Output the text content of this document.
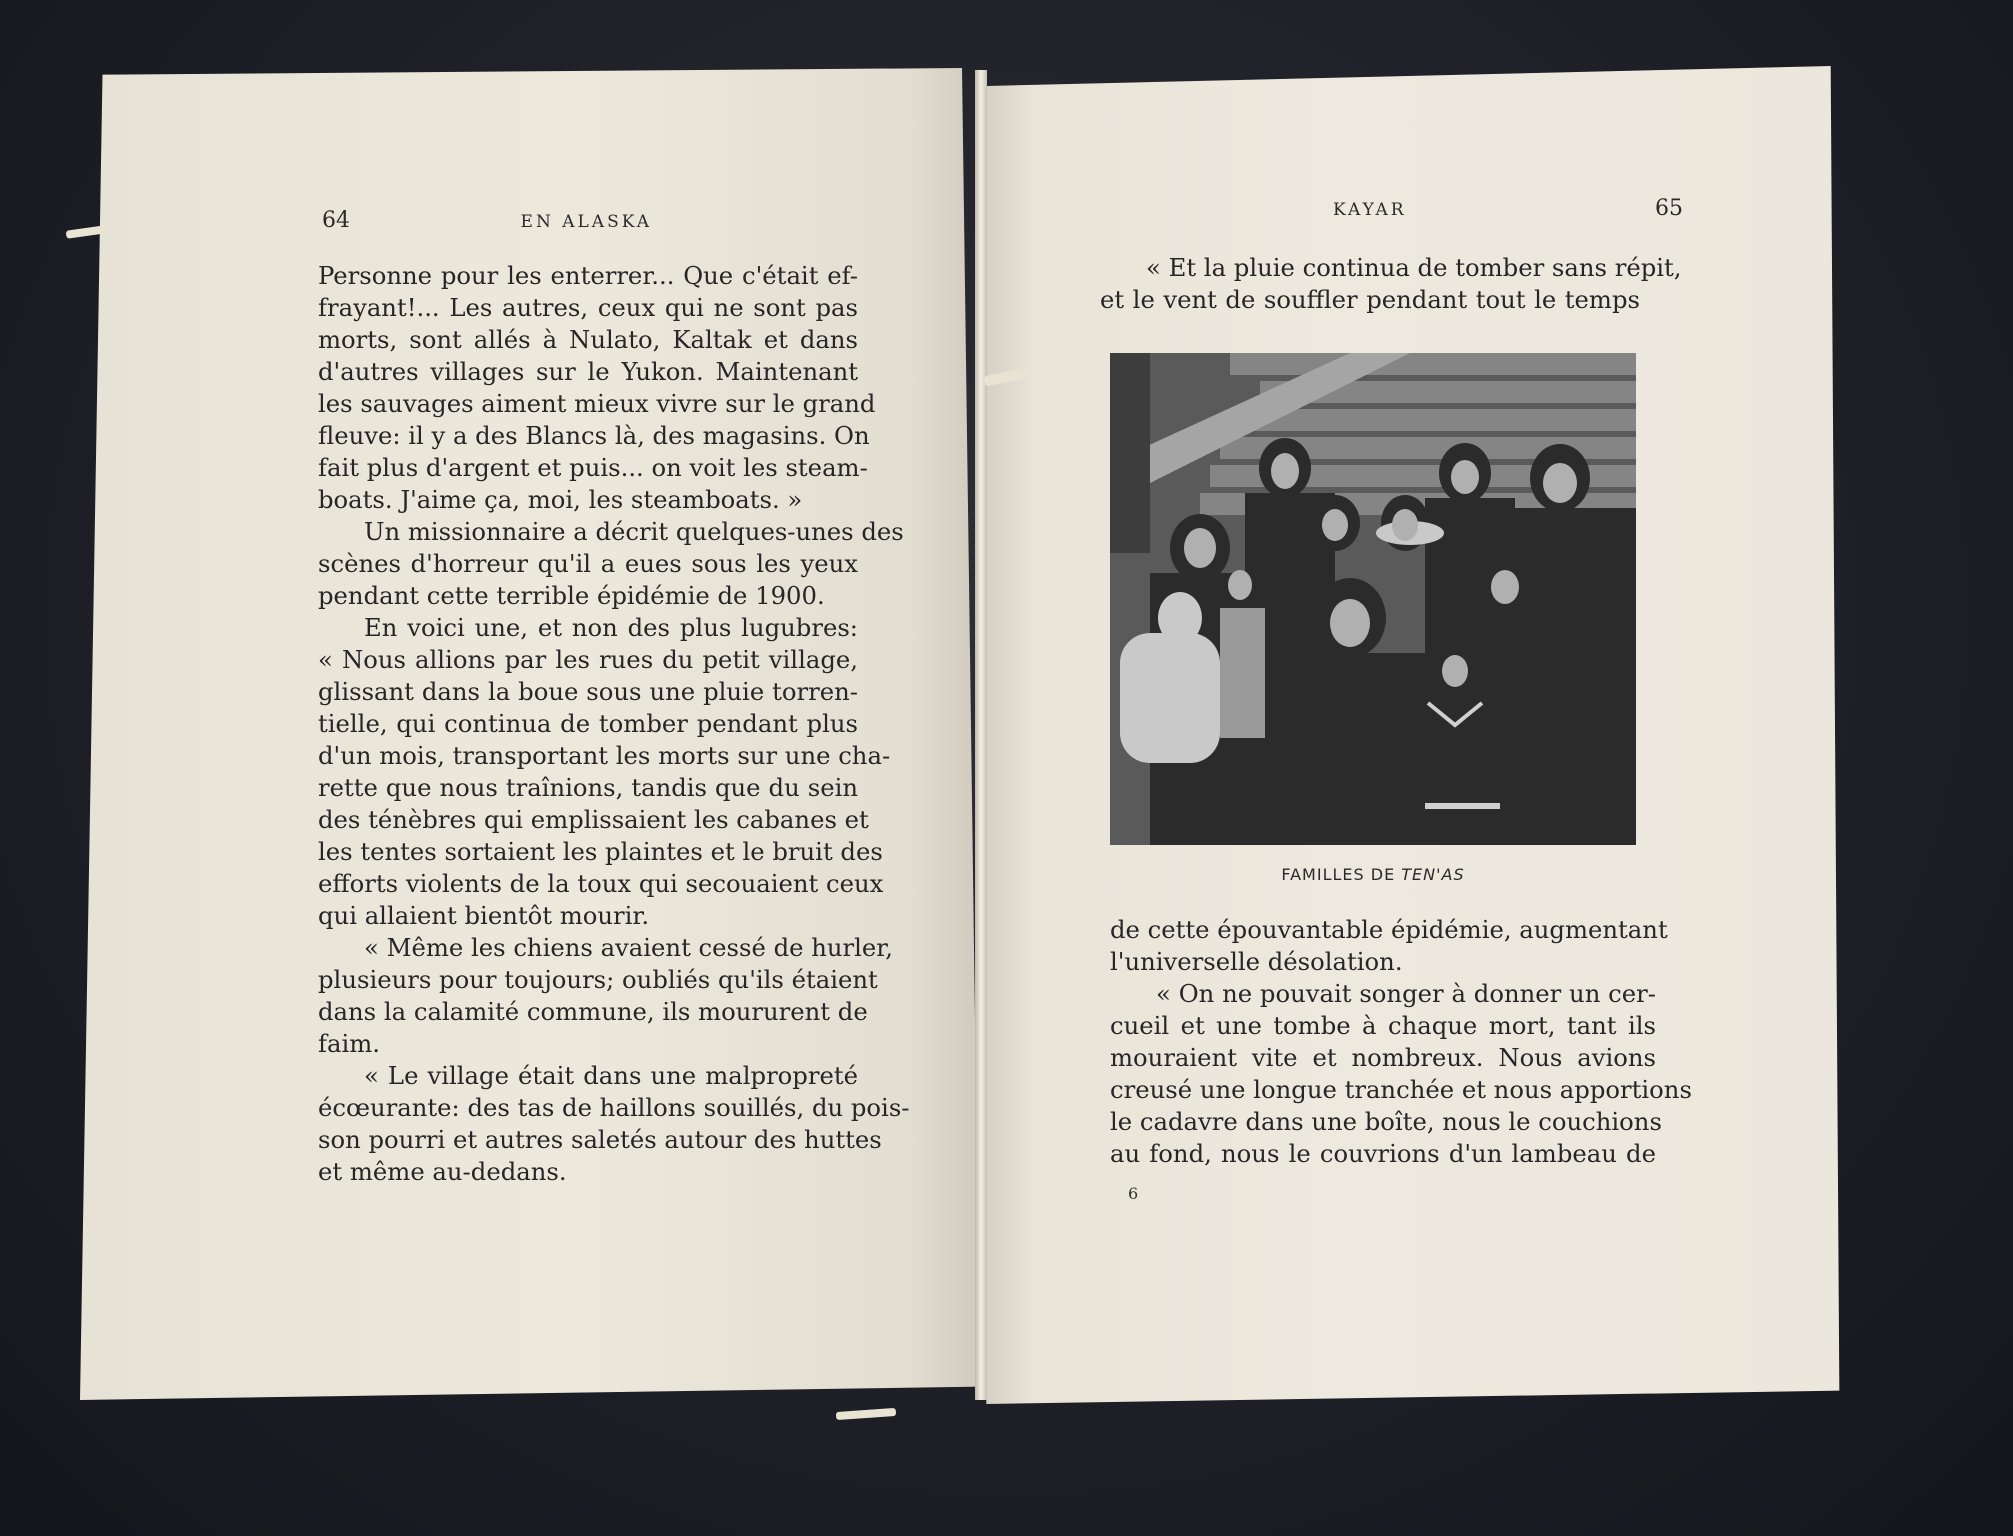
64	EN ALASKA
Personne pour les enterrer... Que c'était ef-
frayant!... Les autres, ceux qui ne sont pas
morts, sont allés à Nulato, Kaltak et dans
d'autres villages sur le Yukon. Maintenant
les sauvages aiment mieux vivre sur le grand
fleuve: il y a des Blancs là, des magasins. On
fait plus d'argent et puis... on voit les steam-
boats. J'aime ça, moi, les steamboats. »
Un missionnaire a décrit quelques-unes des
scènes d'horreur qu'il a eues sous les yeux
pendant cette terrible épidémie de 1900.
En voici une, et non des plus lugubres:
« Nous allions par les rues du petit village,
glissant dans la boue sous une pluie torren-
tielle, qui continua de tomber pendant plus
d'un mois, transportant les morts sur une cha-
rette que nous traînions, tandis que du sein
des ténèbres qui emplissaient les cabanes et
les tentes sortaient les plaintes et le bruit des
efforts violents de la toux qui secouaient ceux
qui allaient bientôt mourir.
« Même les chiens avaient cessé de hurler,
plusieurs pour toujours; oubliés qu'ils étaient
dans la calamité commune, ils moururent de
faim.
« Le village était dans une malpropreté
écœurante: des tas de haillons souillés, du pois-
son pourri et autres saletés autour des huttes
et même au-dedans.
KAYAR	65
« Et la pluie continua de tomber sans répit,
et le vent de souffler pendant tout le temps
FAMILLES DE TEN'AS
de cette épouvantable épidémie, augmentant
l'universelle désolation.
« On ne pouvait songer à donner un cer-
cueil et une tombe à chaque mort, tant ils
mouraient vite et nombreux. Nous avions
creusé une longue tranchée et nous apportions
le cadavre dans une boîte, nous le couchions
au fond, nous le couvrions d'un lambeau de
6
